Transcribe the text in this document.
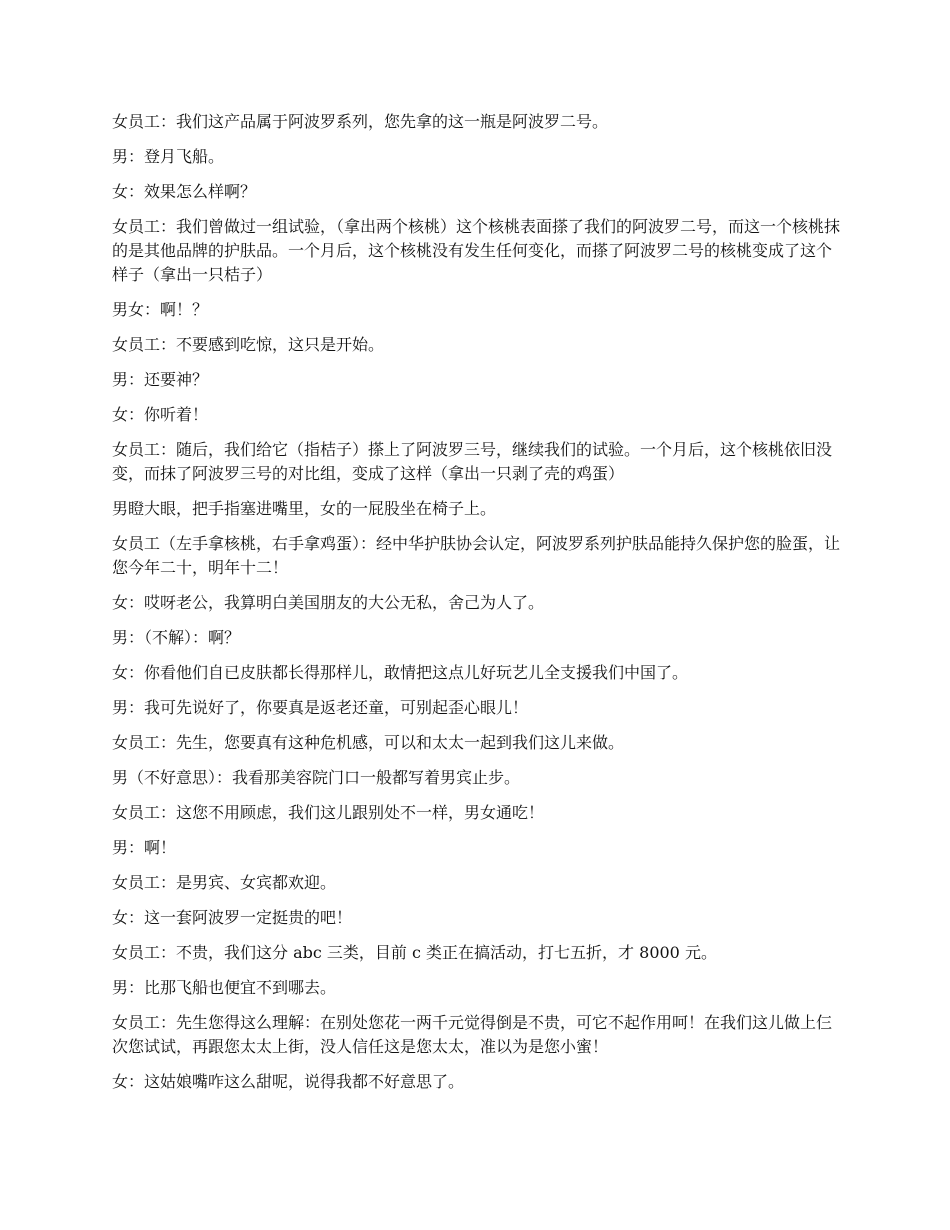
女员工：我们这产品属于阿波罗系列，您先拿的这一瓶是阿波罗二号。

男：登月飞船。

女：效果怎么样啊？

女员工：我们曾做过一组试验，（拿出两个核桃）这个核桃表面搽了我们的阿波罗二号，而这一个核桃抹的是其他品牌的护肤品。一个月后，这个核桃没有发生任何变化，而搽了阿波罗二号的核桃变成了这个样子（拿出一只桔子）

男女：啊！？

女员工：不要感到吃惊，这只是开始。

男：还要神？

女：你听着！

女员工：随后，我们给它（指桔子）搽上了阿波罗三号，继续我们的试验。一个月后，这个核桃依旧没变，而抹了阿波罗三号的对比组，变成了这样（拿出一只剥了壳的鸡蛋）

男瞪大眼，把手指塞进嘴里，女的一屁股坐在椅子上。

女员工（左手拿核桃，右手拿鸡蛋）：经中华护肤协会认定，阿波罗系列护肤品能持久保护您的脸蛋，让您今年二十，明年十二！

女：哎呀老公，我算明白美国朋友的大公无私，舍己为人了。

男：（不解）：啊？

女：你看他们自已皮肤都长得那样儿，敢情把这点儿好玩艺儿全支援我们中国了。

男：我可先说好了，你要真是返老还童，可别起歪心眼儿！

女员工：先生，您要真有这种危机感，可以和太太一起到我们这儿来做。

男（不好意思）：我看那美容院门口一般都写着男宾止步。

女员工：这您不用顾虑，我们这儿跟别处不一样，男女通吃！

男：啊！

女员工：是男宾、女宾都欢迎。

女：这一套阿波罗一定挺贵的吧！

女员工：不贵，我们这分 abc 三类，目前 c 类正在搞活动，打七五折，才 8000 元。

男：比那飞船也便宜不到哪去。

女员工：先生您得这么理解：在别处您花一两千元觉得倒是不贵，可它不起作用呵！在我们这儿做上仨次您试试，再跟您太太上街，没人信任这是您太太，准以为是您小蜜！

女：这姑娘嘴咋这么甜呢，说得我都不好意思了。
